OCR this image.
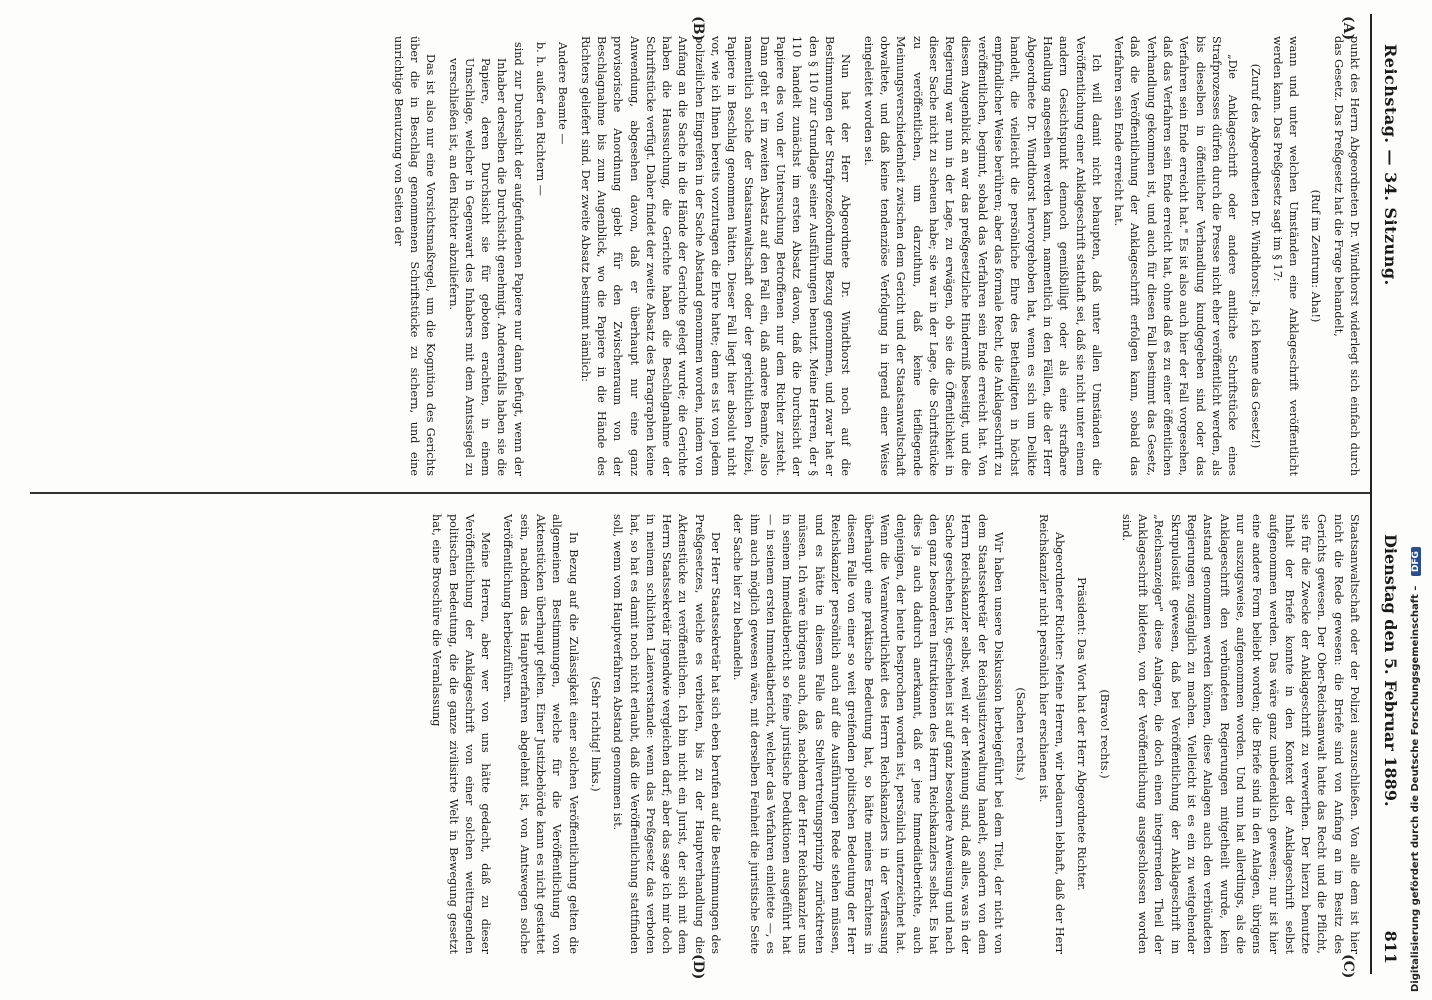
Reichstag. — 34. Sitzung.
Dienstag den 5. Februar 1889.
811
(A)
(B)
(C)
(D)

punkt des Herrn Abgeordneten Dr. Windthorst widerlegt sich einfach durch das Gesetz. Das Preßgesetz hat die Frage behandelt,

(Ruf im Zentrum: Aha!)

wann und unter welchen Umständen eine Anklageschrift veröffentlicht werden kann. Das Preßgesetz sagt im § 17:

(Zuruf des Abgeordneten Dr. Windthorst: Ja, ich kenne das Gesetz!)

„Die Anklageschrift oder andere amtliche Schriftstücke eines Strafprozesses dürfen durch die Presse nicht eher veröffentlicht werden, als bis dieselben in öffentlicher Verhandlung kundgegeben sind oder das Verfahren sein Ende erreicht hat." Es ist also auch hier der Fall vorgesehen, daß das Verfahren sein Ende erreicht hat, ohne daß es zu einer öffentlichen Verhandlung gekommen ist, und auch für diesen Fall bestimmt das Gesetz, daß die Veröffentlichung der Anklageschrift erfolgen kann, sobald das Verfahren sein Ende erreicht hat.

Ich will damit nicht behaupten, daß unter allen Umständen die Veröffentlichung einer Anklageschrift statthaft sei, daß sie nicht unter einem andern Gesichtspunkt dennoch gemißbilligt oder als eine strafbare Handlung angesehen werden kann, namentlich in den Fällen, die der Herr Abgeordnete Dr. Windthorst hervorgehoben hat, wenn es sich um Delikte handelt, die vielleicht die persönliche Ehre des Betheiligten in höchst empfindlicher Weise berühren; aber das formale Recht, die Anklageschrift zu veröffentlichen, beginnt, sobald das Verfahren sein Ende erreicht hat. Von diesem Augenblick an war das preßgesetzliche Hinderniß beseitigt, und die Regierung war nun in der Lage, zu erwägen, ob sie die Öffentlichkeit in dieser Sache nicht zu scheuen habe; sie war in der Lage, die Schriftstücke zu veröffentlichen, um darzuthun, daß keine tiefliegende Meinungsverschiedenheit zwischen dem Gericht und der Staatsanwaltschaft obwaltete, und daß keine tendenziöse Verfolgung in irgend einer Weise eingeleitet worden sei.

Nun hat der Herr Abgeordnete Dr. Windthorst noch auf die Bestimmungen der Strafprozeßordnung Bezug genommen, und zwar hat er den § 110 zur Grundlage seiner Ausführungen benutzt. Meine Herren, der § 110 handelt zunächst im ersten Absatz davon, daß die Durchsicht der Papiere des von der Untersuchung Betroffenen nur dem Richter zusteht. Dann geht er im zweiten Absatz auf den Fall ein, daß andere Beamte, also namentlich solche der Staatsanwaltschaft oder der gerichtlichen Polizei, Papiere in Beschlag genommen hätten. Dieser Fall liegt hier absolut nicht vor, wie ich Ihnen bereits vorzutragen die Ehre hatte; denn es ist von jedem polizeilichen Eingreifen in der Sache Abstand genommen worden, indem von Anfang an die Sache in die Hände der Gerichte gelegt wurde; die Gerichte haben die Haussuchung, die Gerichte haben die Beschlagnahme der Schriftstücke verfügt. Daher findet der zweite Absatz des Paragraphen keine Anwendung, abgesehen davon, daß er überhaupt nur eine ganz provisorische Anordnung giebt für den Zwischenraum von der Beschlagnahme bis zum Augenblick, wo die Papiere in die Hände des Richters geliefert sind. Der zweite Absatz bestimmt nämlich:

Andere Beamte —

b. h. außer den Richtern —

sind zur Durchsicht der aufgefundenen Papiere nur dann befugt, wenn der Inhaber derselben die Durchsicht genehmigt. Anderenfalls haben sie die Papiere, deren Durchsicht sie für geboten erachten, in einem Umschlage, welcher in Gegenwart des Inhabers mit dem Amtssiegel zu verschließen ist, an den Richter abzuliefern.

Das ist also nur eine Vorsichtsmaßregel, um die Kognition des Gerichts über die in Beschlag genommenen Schriftstücke zu sichern, und eine unrichtige Benutzung von Seiten der

Staatsanwaltschaft oder der Polizei auszuschließen. Von alle dem ist hier nicht die Rede gewesen: die Briefe sind von Anfang an im Besitz des Gerichts gewesen. Der Ober-Reichsanwalt hatte das Recht und die Pflicht, sie für die Zwecke der Anklageschrift zu verwerthen. Der hierzu benutzte Inhalt der Briefe konnte in den Kontext der Anklageschrift selbst aufgenommen werden. Das wäre ganz unbedenklich gewesen; nur ist hier eine andere Form beliebt worden; die Briefe sind in den Anlagen, übrigens nur auszugsweise, aufgenommen worden. Und nun hat allerdings, als die Anklageschrift den verbündeten Regierungen mitgetheilt wurde, kein Anstand genommen werden können, diese Anlagen auch den verbündeten Regierungen zugänglich zu machen. Vielleicht ist es ein zu weitgehender Skrupulosität gewesen, daß bei Veröffentlichung der Anklageschrift im „Reichsanzeiger" diese Anlagen, die doch einen integrirenden Theil der Anklageschrift bildeten, von der Veröffentlichung ausgeschlossen worden sind.

(Bravo! rechts.)

Präsident: Das Wort hat der Herr Abgeordnete Richter.

Abgeordneter Richter: Meine Herren, wir bedauern lebhaft, daß der Herr Reichskanzler nicht persönlich hier erschienen ist.

(Sachen rechts.)

Wir haben unsere Diskussion herbeigeführt bei dem Titel, der nicht von dem Staatssekretär der Reichsjustizverwaltung handelt, sondern von dem Herrn Reichskanzler selbst, weil wir der Meinung sind, daß alles, was in der Sache geschehen ist, geschehen ist auf ganz besondere Anweisung und nach den ganz besonderen Instruktionen des Herrn Reichskanzlers selbst. Es hat dies ja auch dadurch anerkannt, daß er jene Immediatberichte, auch denjenigen, der heute besprochen worden ist, persönlich unterzeichnet hat. Wenn die Verantwortlichkeit des Herrn Reichskanzlers in der Verfassung überhaupt eine praktische Bedeutung hat, so hätte meines Erachtens in diesem Falle von einer so weit greifenden politischen Bedeutung der Herr Reichskanzler persönlich auch auf die Ausführungen Rede stehen müssen, und es hätte in diesem Falle das Stellvertretungsprinzip zurücktreten müssen. Ich wäre übrigens auch, daß, nachdem der Herr Reichskanzler uns in seinem Immediatbericht so feine juristische Deduktionen ausgeführt hat — in seinem ersten Immediatbericht, welcher das Verfahren einleitete —, es ihm auch möglich gewesen wäre, mit derselben Feinheit die juristische Seite der Sache hier zu behandeln.

Der Herr Staatssekretär hat sich eben berufen auf die Bestimmungen des Preßgesetzes, welche es verbieten, bis zu der Hauptverhandlung die Aktenstücke zu veröffentlichen. Ich bin nicht ein Jurist, der sich mit dem Herrn Staatssekretär irgendwie vergleichen darf; aber das sage ich mir doch in meinem schlichten Laienverstande: wenn das Preßgesetz das verboten hat, so hat es damit noch nicht erlaubt, daß die Veröffentlichung stattfinden soll, wenn vom Hauptverfahren Abstand genommen ist.

(Sehr richtig! links.)

In Bezug auf die Zulässigkeit einer solchen Veröffentlichung gelten die allgemeinen Bestimmungen, welche für die Veröffentlichung von Aktenstücken überhaupt gelten. Einer Justizbehörde kann es nicht gestattet sein, nachdem das Hauptverfahren abgelehnt ist, von Amtswegen solche Veröffentlichung herbeizuführen.

Meine Herren, aber wer von uns hätte gedacht, daß zu dieser Veröffentlichung der Anklageschrift von einer solchen weittragenden politischen Bedeutung, die die ganze zivilisirte Welt in Bewegung gesetzt hat, eine Broschüre die Veranlassung	Digitalisierung gefördert durch die Deutsche Forschungsgemeinschaft – DFG
